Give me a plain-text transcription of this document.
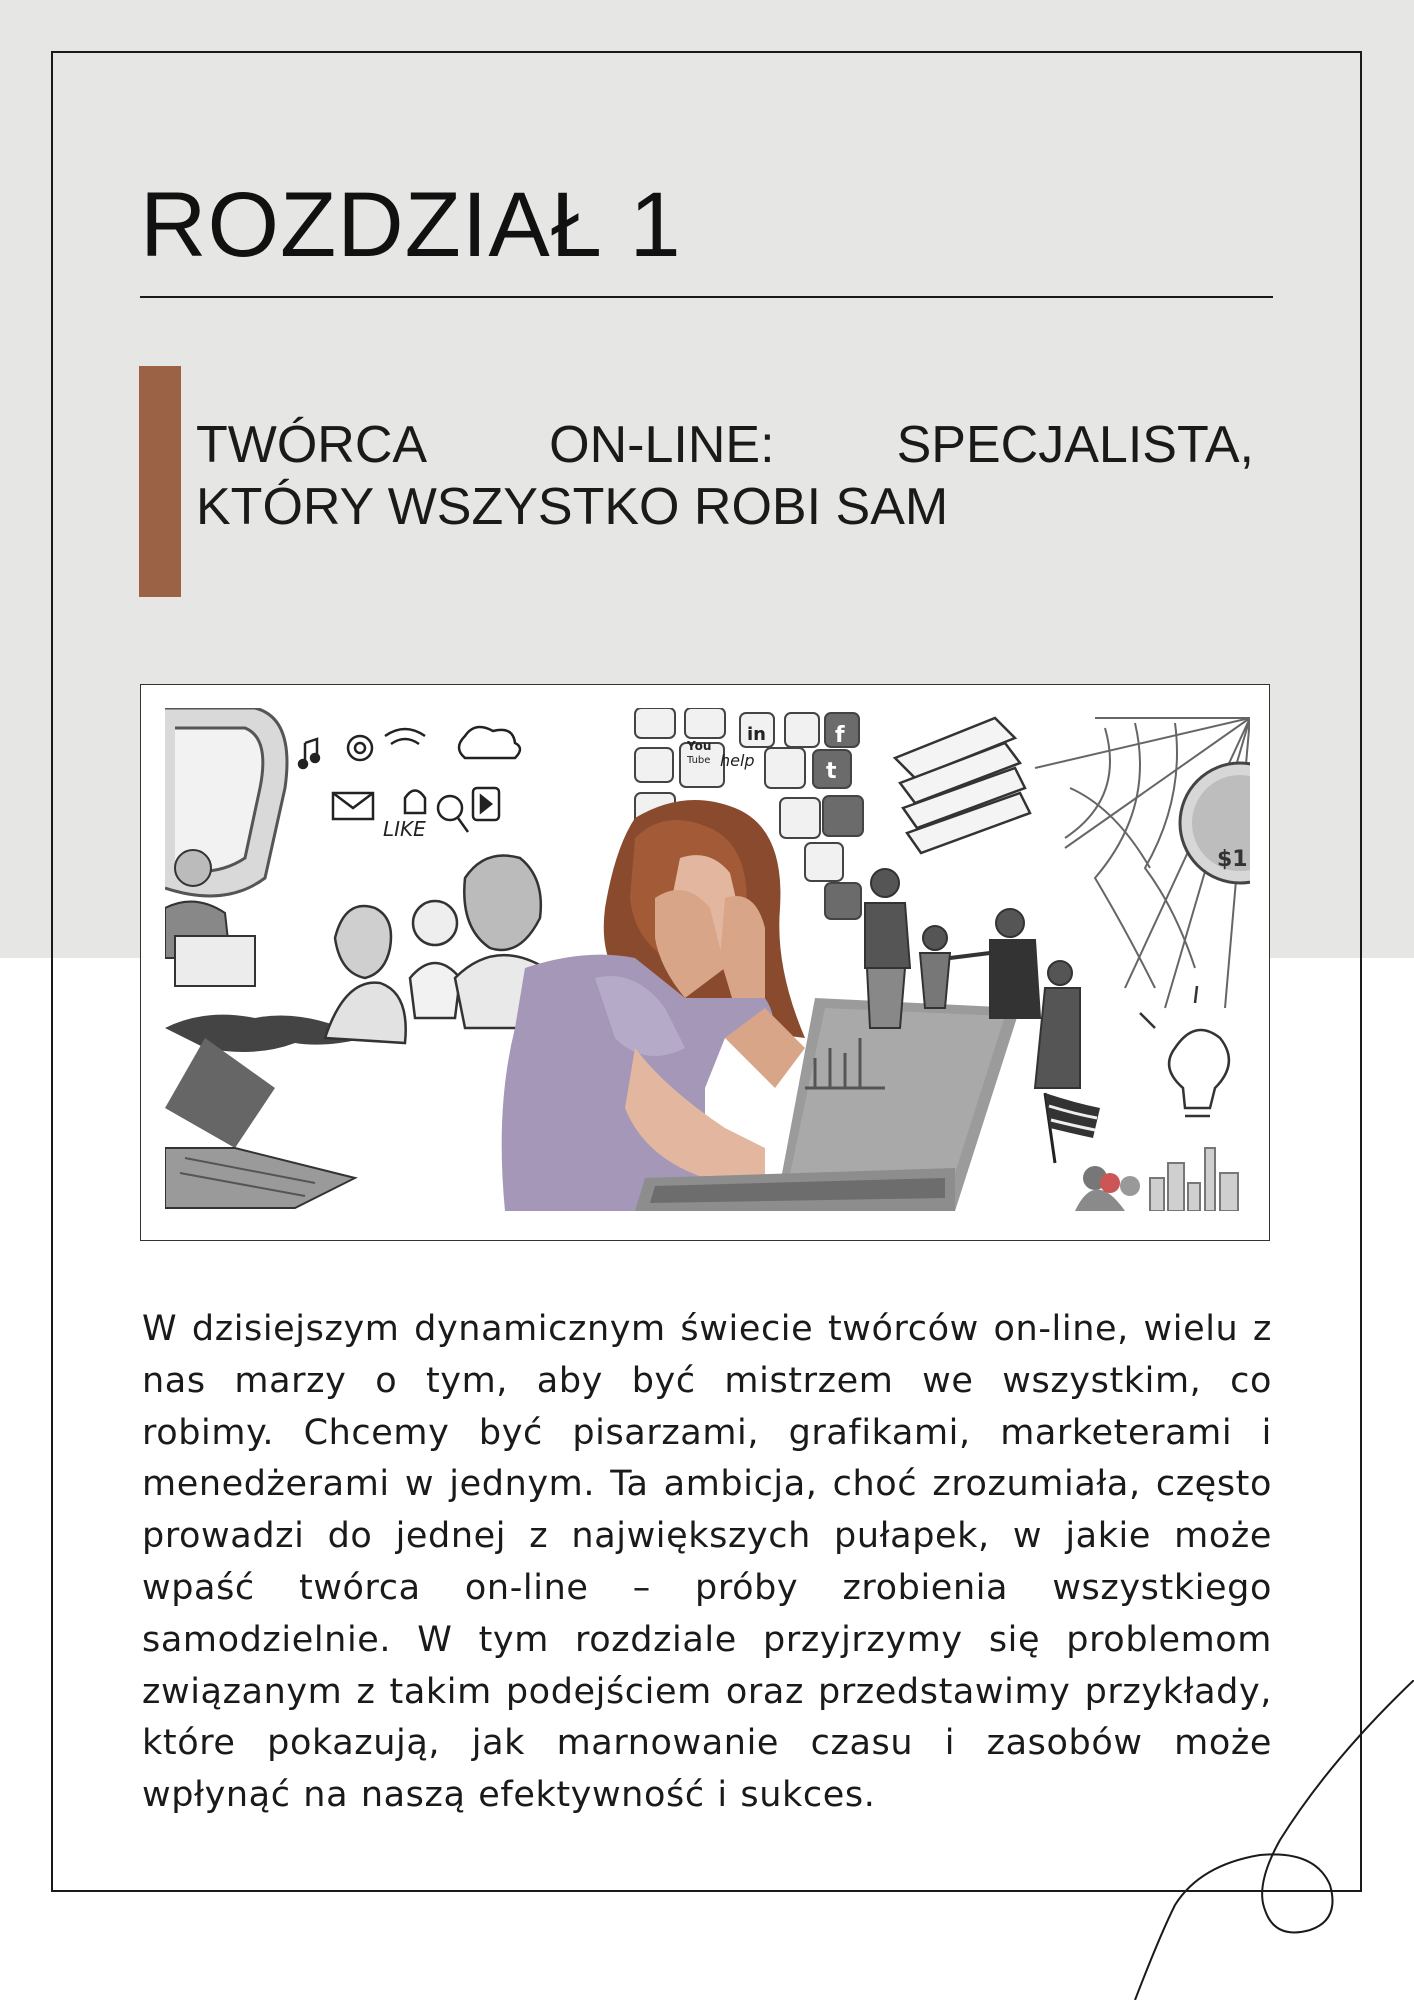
ROZDZIAŁ 1
TWÓRCA ON-LINE: SPECJALISTA,
KTÓRY WSZYSTKO ROBI SAM
LIKE
You
Tube help
in	f
t
$1

W dzisiejszym dynamicznym świecie twórców on-line, wielu z nas marzy o tym, aby być mistrzem we wszystkim, co robimy. Chcemy być pisarzami, grafikami, marketerami i menedżerami w jednym. Ta ambicja, choć zrozumiała, często prowadzi do jednej z największych pułapek, w jakie może wpaść twórca on-line – próby zrobienia wszystkiego samodzielnie. W tym rozdziale przyjrzymy się problemom związanym z takim podejściem oraz przedstawimy przykłady, które pokazują, jak marnowanie czasu i zasobów może wpłynąć na naszą efektywność i sukces.
